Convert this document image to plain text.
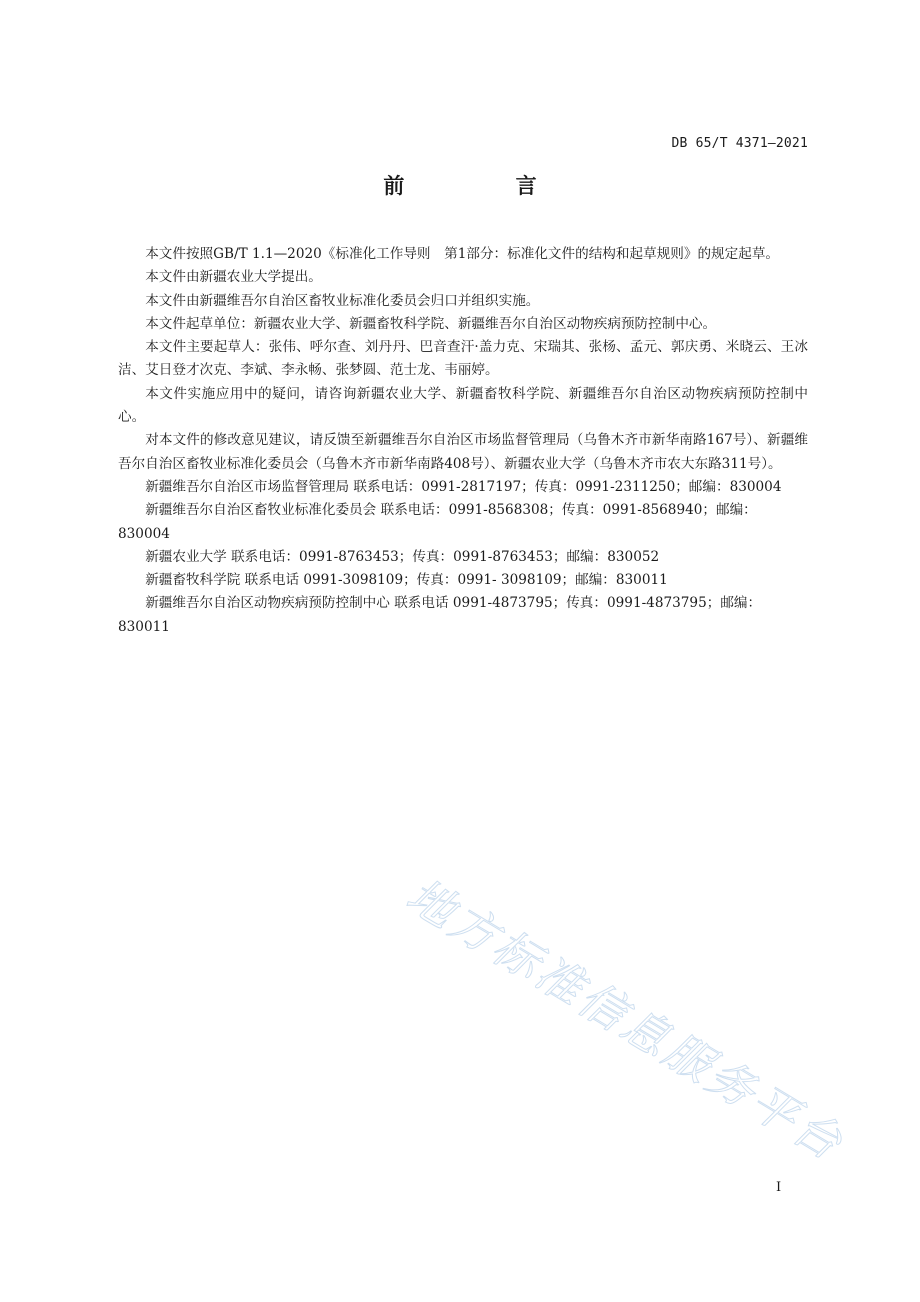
DB 65/T 4371—2021
前 言

本文件按照GB/T 1.1—2020《标准化工作导则　第1部分：标准化文件的结构和起草规则》的规定起草。

本文件由新疆农业大学提出。

本文件由新疆维吾尔自治区畜牧业标准化委员会归口并组织实施。

本文件起草单位：新疆农业大学、新疆畜牧科学院、新疆维吾尔自治区动物疾病预防控制中心。

本文件主要起草人：张伟、呼尔查、刘丹丹、巴音查汗·盖力克、宋瑞其、张杨、孟元、郭庆勇、米晓云、王冰洁、艾日登才次克、李斌、李永畅、张梦圆、范士龙、韦丽婷。

本文件实施应用中的疑问，请咨询新疆农业大学、新疆畜牧科学院、新疆维吾尔自治区动物疾病预防控制中心。

对本文件的修改意见建议，请反馈至新疆维吾尔自治区市场监督管理局（乌鲁木齐市新华南路167号）、新疆维吾尔自治区畜牧业标准化委员会（乌鲁木齐市新华南路408号）、新疆农业大学（乌鲁木齐市农大东路311号）。

新疆维吾尔自治区市场监督管理局 联系电话：0991-2817197；传真：0991-2311250；邮编：830004

新疆维吾尔自治区畜牧业标准化委员会 联系电话：0991-8568308；传真：0991-8568940；邮编：830004

新疆农业大学 联系电话：0991-8763453；传真：0991-8763453；邮编：830052

新疆畜牧科学院 联系电话 0991-3098109；传真：0991- 3098109；邮编：830011

新疆维吾尔自治区动物疾病预防控制中心 联系电话 0991-4873795；传真：0991-4873795；邮编：830011

地方标准信息服务平台
I
